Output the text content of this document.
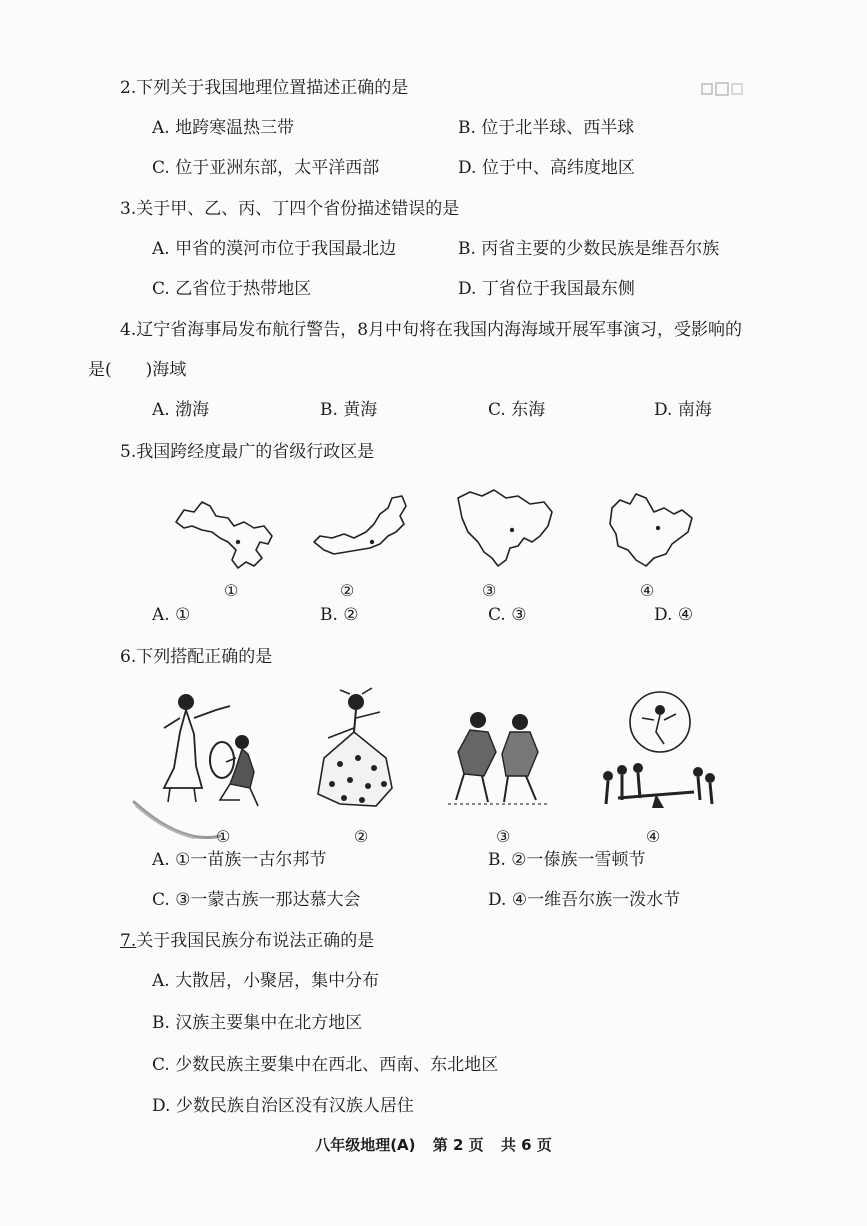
2.下列关于我国地理位置描述正确的是
A. 地跨寒温热三带	B. 位于北半球、西半球
C. 位于亚洲东部，太平洋西部	D. 位于中、高纬度地区
3.关于甲、乙、丙、丁四个省份描述错误的是
A. 甲省的漠河市位于我国最北边	B. 丙省主要的少数民族是维吾尔族
C. 乙省位于热带地区	D. 丁省位于我国最东侧
4.辽宁省海事局发布航行警告，8月中旬将在我国内海海域开展军事演习，受影响的
是(　　)海域
A. 渤海	B. 黄海	C. 东海	D. 南海
5.我国跨经度最广的省级行政区是
①	②	③	④
A. ①	B. ②	C. ③	D. ④
6.下列搭配正确的是
①	②	③	④
A. ①一苗族一古尔邦节	B. ②一傣族一雪顿节
C. ③一蒙古族一那达慕大会	D. ④一维吾尔族一泼水节
7.关于我国民族分布说法正确的是
A. 大散居，小聚居，集中分布
B. 汉族主要集中在北方地区
C. 少数民族主要集中在西北、西南、东北地区
D. 少数民族自治区没有汉族人居住
八年级地理(A) 第 2 页 共 6 页
